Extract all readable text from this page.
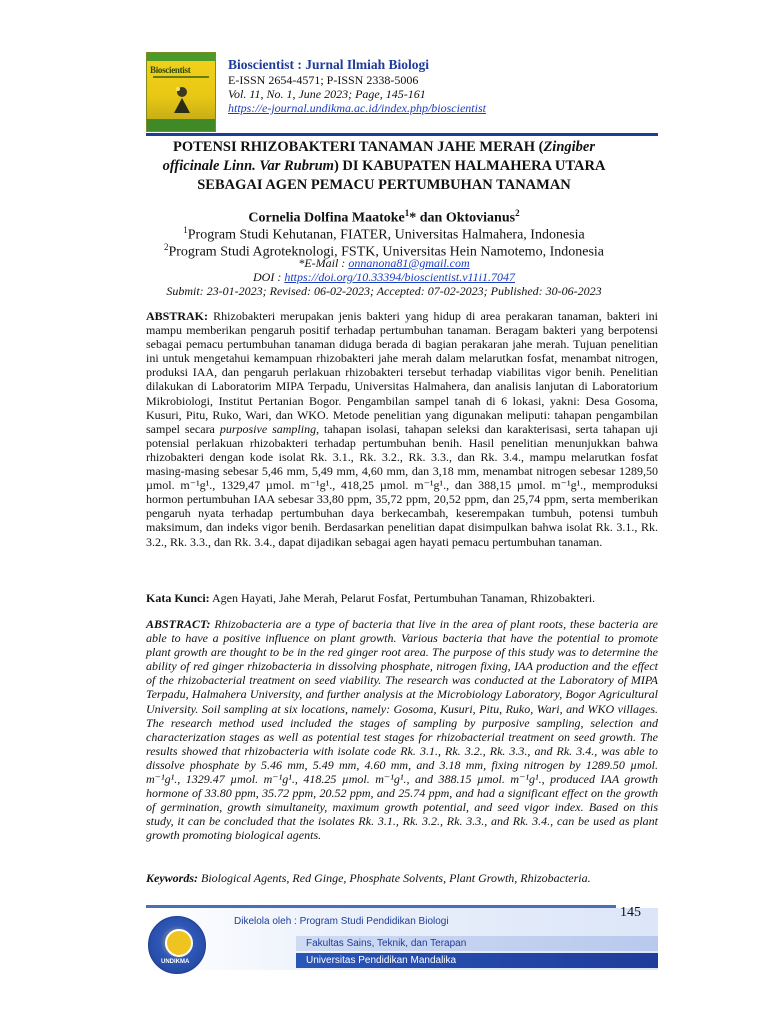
Bioscientist	Bioscientist : Jurnal Ilmiah Biologi
E-ISSN 2654-4571; P-ISSN 2338-5006
Vol. 11, No. 1, June 2023; Page, 145-161
https://e-journal.undikma.ac.id/index.php/bioscientist
POTENSI RHIZOBAKTERI TANAMAN JAHE MERAH (Zingiber
officinale Linn. Var Rubrum) DI KABUPATEN HALMAHERA UTARA
SEBAGAI AGEN PEMACU PERTUMBUHAN TANAMAN
Cornelia Dolfina Maatoke$^1$* dan Oktovianus$^2$
$^1$Program Studi Kehutanan, FIATER, Universitas Halmahera, Indonesia
$^2$Program Studi Agroteknologi, FSTK, Universitas Hein Namotemo, Indonesia
*E-Mail : onnanona81@gmail.com
DOI : https://doi.org/10.33394/bioscientist.v11i1.7047
Submit: 23-01-2023; Revised: 06-02-2023; Accepted: 07-02-2023; Published: 30-06-2023
ABSTRAK: Rhizobakteri merupakan jenis bakteri yang hidup di area perakaran tanaman, bakteri ini mampu memberikan pengaruh positif terhadap pertumbuhan tanaman. Beragam bakteri yang berpotensi sebagai pemacu pertumbuhan tanaman diduga berada di bagian perakaran jahe merah. Tujuan penelitian ini untuk mengetahui kemampuan rhizobakteri jahe merah dalam melarutkan fosfat, menambat nitrogen, produksi IAA, dan pengaruh perlakuan rhizobakteri tersebut terhadap viabilitas vigor benih. Penelitian dilakukan di Laboratorim MIPA Terpadu, Universitas Halmahera, dan analisis lanjutan di Laboratorium Mikrobiologi, Institut Pertanian Bogor. Pengambilan sampel tanah di 6 lokasi, yakni: Desa Gosoma, Kusuri, Pitu, Ruko, Wari, dan WKO. Metode penelitian yang digunakan meliputi: tahapan pengambilan sampel secara purposive sampling, tahapan isolasi, tahapan seleksi dan karakterisasi, serta tahapan uji potensial perlakuan rhizobakteri terhadap pertumbuhan benih. Hasil penelitian menunjukkan bahwa rhizobakteri dengan kode isolat Rk. 3.1., Rk. 3.2., Rk. 3.3., dan Rk. 3.4., mampu melarutkan fosfat masing-masing sebesar 5,46 mm, 5,49 mm, 4,60 mm, dan 3,18 mm, menambat nitrogen sebesar 1289,50 µmol. m⁻¹g¹., 1329,47 µmol. m⁻¹g¹., 418,25 µmol. m⁻¹g¹., dan 388,15 µmol. m⁻¹g¹., memproduksi hormon pertumbuhan IAA sebesar 33,80 ppm, 35,72 ppm, 20,52 ppm, dan 25,74 ppm, serta memberikan pengaruh nyata terhadap pertumbuhan daya berkecambah, keserempakan tumbuh, potensi tumbuh maksimum, dan indeks vigor benih. Berdasarkan penelitian dapat disimpulkan bahwa isolat Rk. 3.1., Rk. 3.2., Rk. 3.3., dan Rk. 3.4., dapat dijadikan sebagai agen hayati pemacu pertumbuhan tanaman.
Kata Kunci: Agen Hayati, Jahe Merah, Pelarut Fosfat, Pertumbuhan Tanaman, Rhizobakteri.
ABSTRACT: Rhizobacteria are a type of bacteria that live in the area of plant roots, these bacteria are able to have a positive influence on plant growth. Various bacteria that have the potential to promote plant growth are thought to be in the red ginger root area. The purpose of this study was to determine the ability of red ginger rhizobacteria in dissolving phosphate, nitrogen fixing, IAA production and the effect of the rhizobacterial treatment on seed viability. The research was conducted at the Laboratory of MIPA Terpadu, Halmahera University, and further analysis at the Microbiology Laboratory, Bogor Agricultural University. Soil sampling at six locations, namely: Gosoma, Kusuri, Pitu, Ruko, Wari, and WKO villages. The research method used included the stages of sampling by purposive sampling, selection and characterization stages as well as potential test stages for rhizobacterial treatment on seed growth. The results showed that rhizobacteria with isolate code Rk. 3.1., Rk. 3.2., Rk. 3.3., and Rk. 3.4., was able to dissolve phosphate by 5.46 mm, 5.49 mm, 4.60 mm, and 3.18 mm, fixing nitrogen by 1289.50 µmol. m⁻¹g¹., 1329.47 µmol. m⁻¹g¹., 418.25 µmol. m⁻¹g¹., and 388.15 µmol. m⁻¹g¹., produced IAA growth hormone of 33.80 ppm, 35.72 ppm, 20.52 ppm, and 25.74 ppm, and had a significant effect on the growth of germination, growth simultaneity, maximum growth potential, and seed vigor index. Based on this study, it can be concluded that the isolates Rk. 3.1., Rk. 3.2., Rk. 3.3., and Rk. 3.4., can be used as plant growth promoting biological agents.
Keywords: Biological Agents, Red Ginge, Phosphate Solvents, Plant Growth, Rhizobacteria.
UNDIKMA
Dikelola oleh : Program Studi Pendidikan Biologi
Fakultas Sains, Teknik, dan Terapan
Universitas Pendidikan Mandalika
145
